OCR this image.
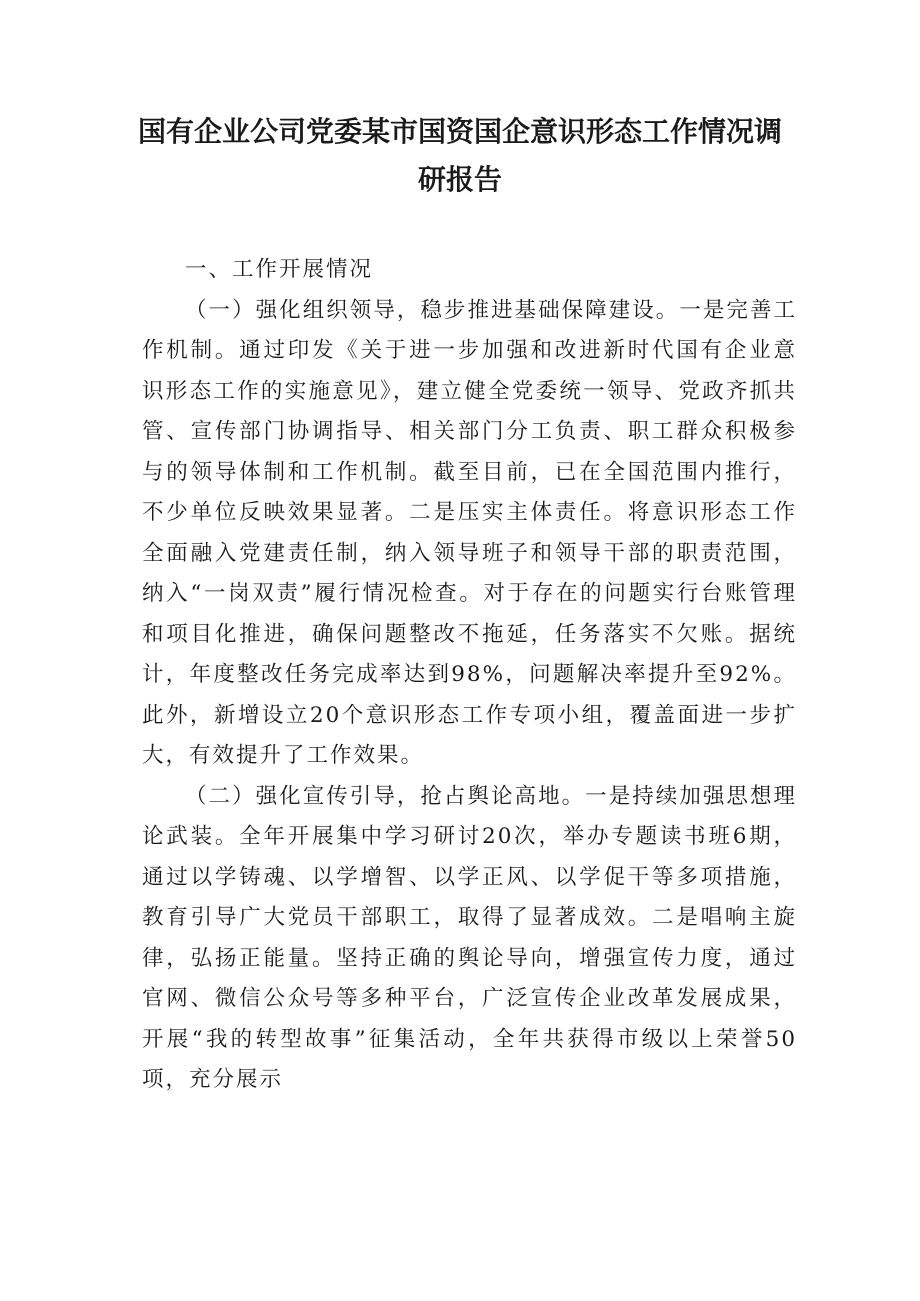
国有企业公司党委某市国资国企意识形态工作情况调
研报告

一、工作开展情况

（一）强化组织领导，稳步推进基础保障建设。一是完善工作机制。通过印发《关于进一步加强和改进新时代国有企业意识形态工作的实施意见》，建立健全党委统一领导、党政齐抓共管、宣传部门协调指导、相关部门分工负责、职工群众积极参与的领导体制和工作机制。截至目前，已在全国范围内推行，不少单位反映效果显著。二是压实主体责任。将意识形态工作全面融入党建责任制，纳入领导班子和领导干部的职责范围，纳入“一岗双责”履行情况检查。对于存在的问题实行台账管理和项目化推进，确保问题整改不拖延，任务落实不欠账。据统计，年度整改任务完成率达到98%，问题解决率提升至92%。此外，新增设立20个意识形态工作专项小组，覆盖面进一步扩大，有效提升了工作效果。

（二）强化宣传引导，抢占舆论高地。一是持续加强思想理论武装。全年开展集中学习研讨20次，举办专题读书班6期，通过以学铸魂、以学增智、以学正风、以学促干等多项措施，教育引导广大党员干部职工，取得了显著成效。二是唱响主旋律，弘扬正能量。坚持正确的舆论导向，增强宣传力度，通过官网、微信公众号等多种平台，广泛宣传企业改革发展成果，开展“我的转型故事”征集活动，全年共获得市级以上荣誉50项，充分展示
